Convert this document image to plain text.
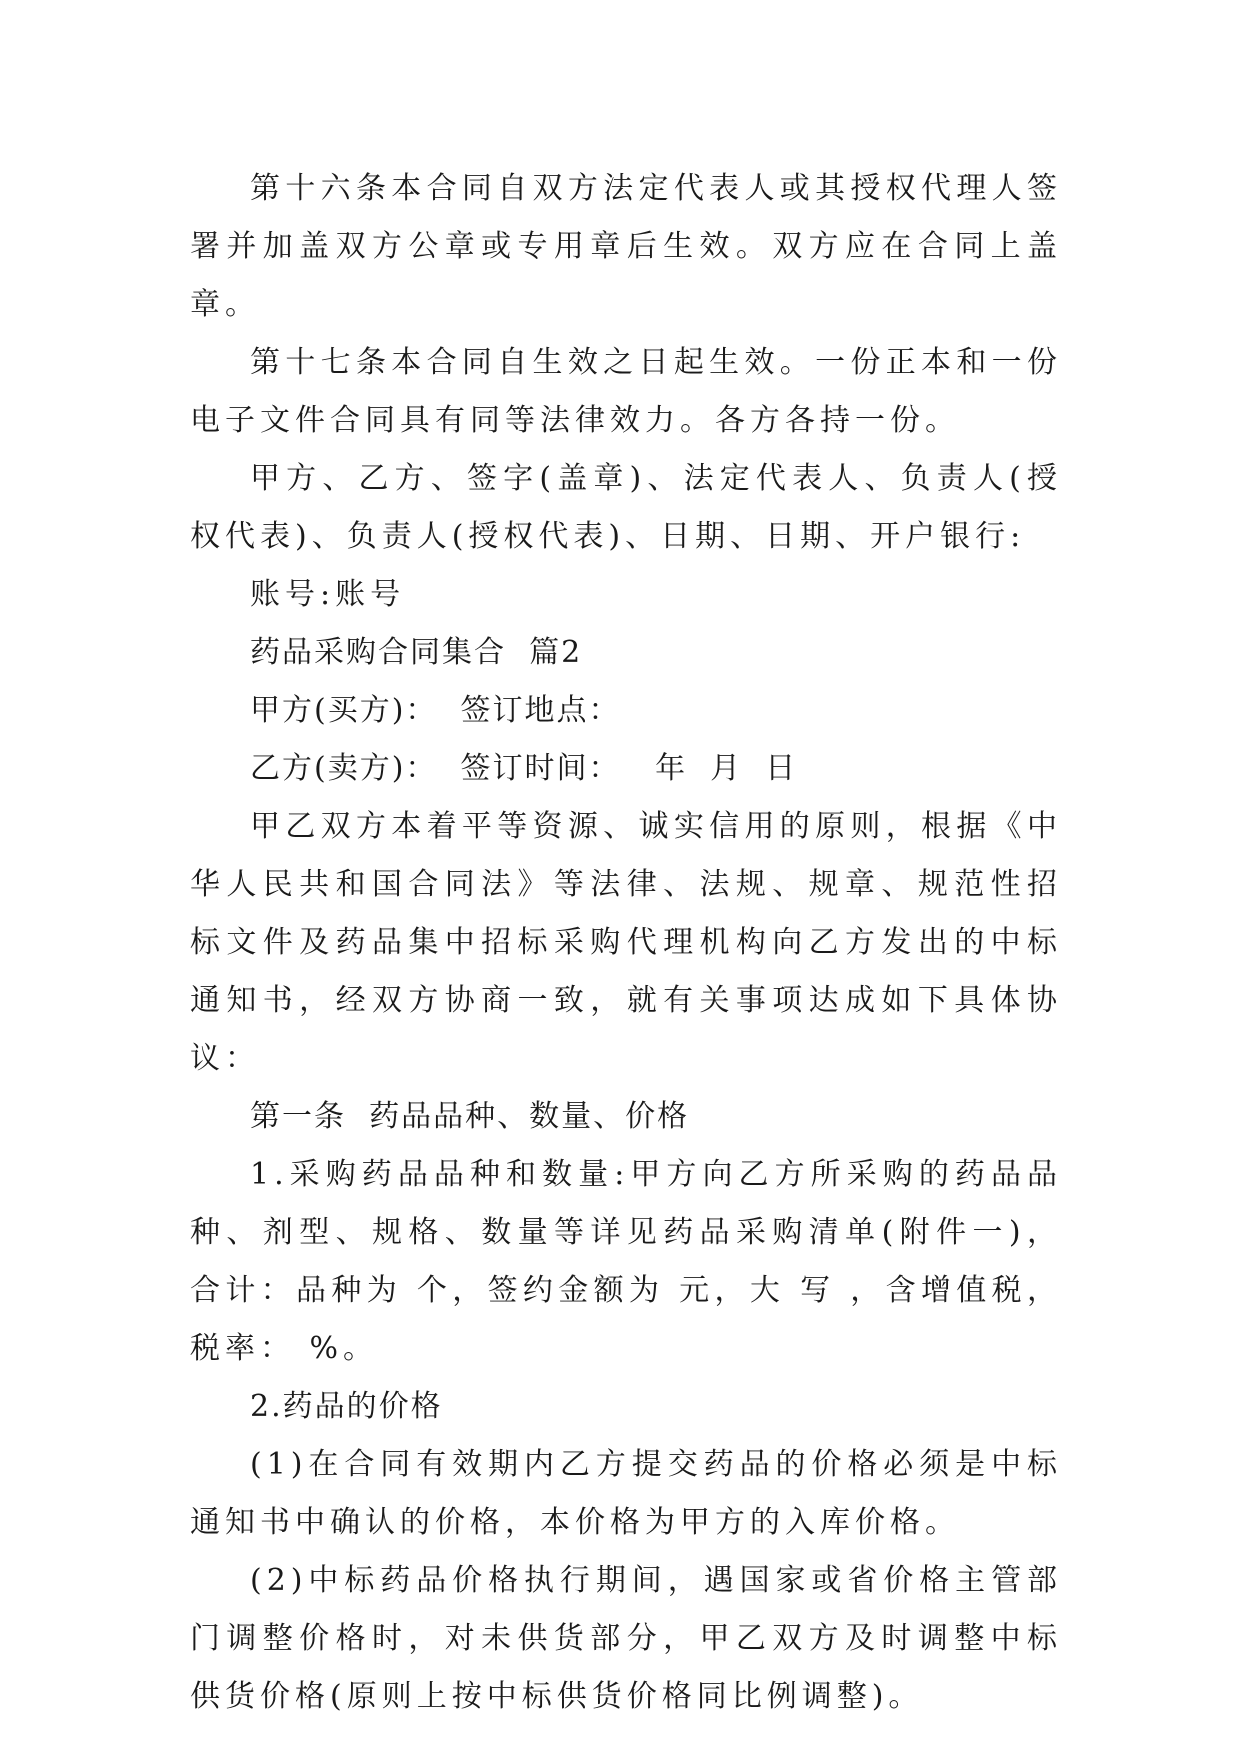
第十六条本合同自双方法定代表人或其授权代理人签署并加盖双方公章或专用章后生效。双方应在合同上盖章。

第十七条本合同自生效之日起生效。一份正本和一份电子文件合同具有同等法律效力。各方各持一份。

甲方、乙方、签字(盖章)、法定代表人、负责人(授权代表)、负责人(授权代表)、日期、日期、开户银行:

账号:账号

药品采购合同集合  篇2

甲方(买方)：  签订地点：

乙方(卖方)：  签订时间：   年  月  日

甲乙双方本着平等资源、诚实信用的原则，根据《中华人民共和国合同法》等法律、法规、规章、规范性招标文件及药品集中招标采购代理机构向乙方发出的中标通知书，经双方协商一致，就有关事项达成如下具体协议：

第一条  药品品种、数量、价格

1.采购药品品种和数量:甲方向乙方所采购的药品品种、剂型、规格、数量等详见药品采购清单(附件一)，合计：品种为 个，签约金额为 元，大 写 ，含增值税，税率： %。

2.药品的价格

(1)在合同有效期内乙方提交药品的价格必须是中标通知书中确认的价格，本价格为甲方的入库价格。

(2)中标药品价格执行期间，遇国家或省价格主管部门调整价格时，对未供货部分，甲乙双方及时调整中标供货价格(原则上按中标供货价格同比例调整)。
